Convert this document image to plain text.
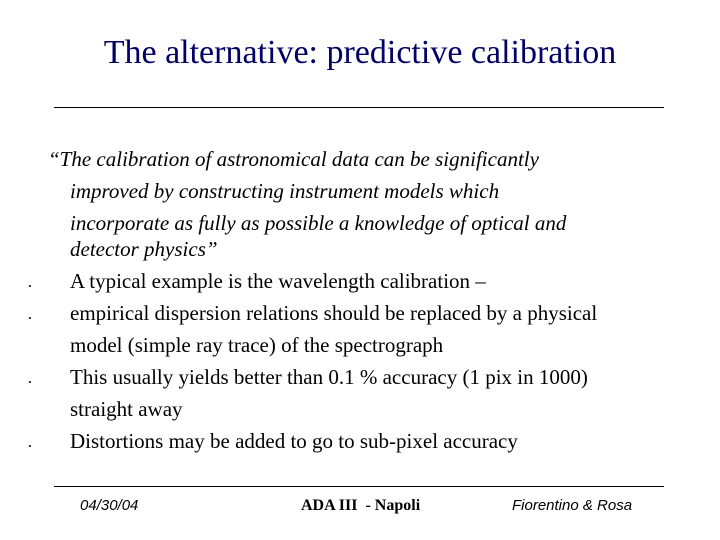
The alternative: predictive calibration
“The calibration of astronomical data can be significantly
improved by constructing instrument models which
incorporate as fully as possible a knowledge of optical and
detector physics”
A typical example is the wavelength calibration –
empirical dispersion relations should be replaced by a physical
model (simple ray trace) of the spectrograph
This usually yields better than 0.1 % accuracy (1 pix in 1000)
straight away
Distortions may be added to go to sub-pixel accuracy
04/30/04	ADA III  - Napoli	Fiorentino & Rosa
